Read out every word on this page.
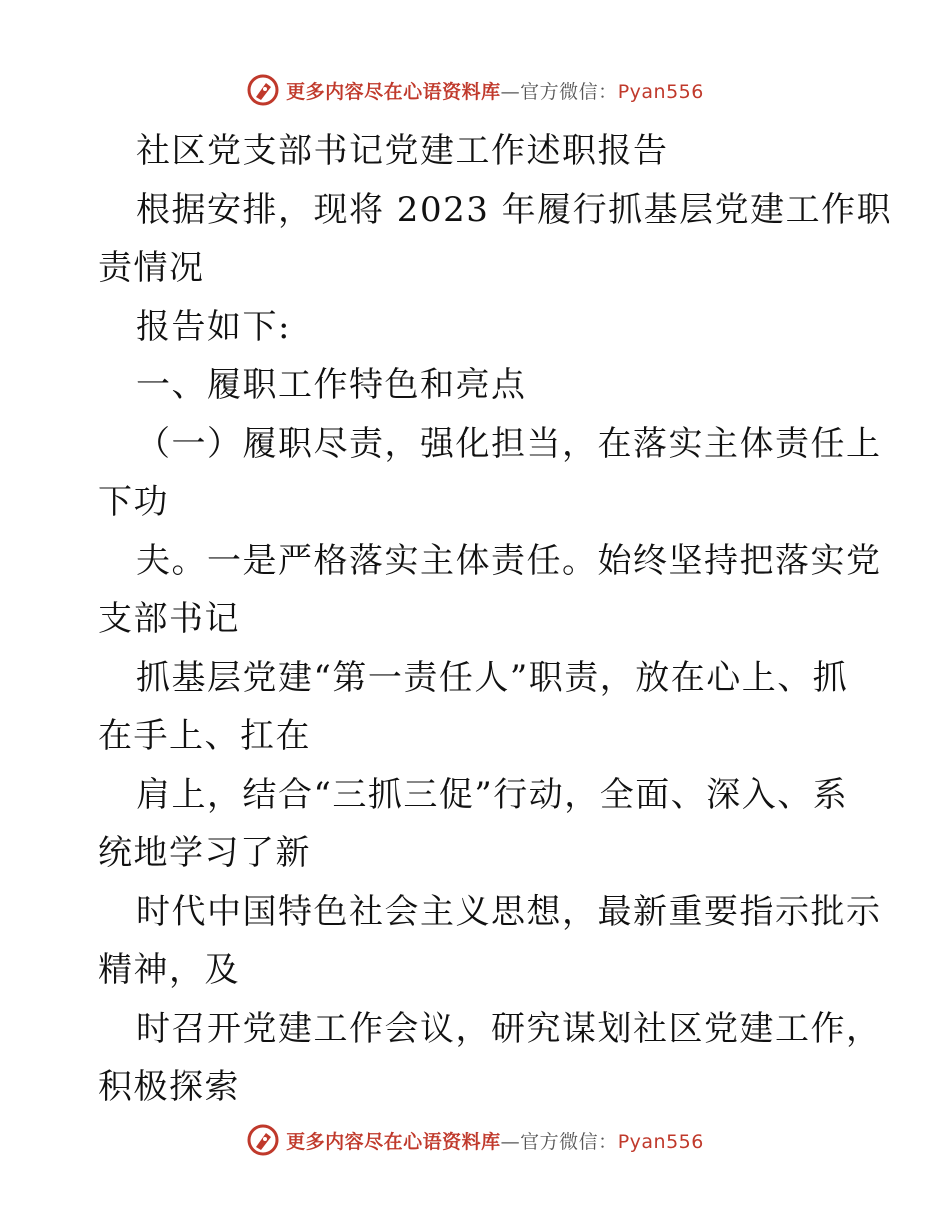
更多内容尽在心语资料库—官方微信：Pyan556
社区党支部书记党建工作述职报告
根据安排，现将 2023 年履行抓基层党建工作职
责情况
报告如下:
一、履职工作特色和亮点
（一）履职尽责，强化担当，在落实主体责任上
下功
夫。一是严格落实主体责任。始终坚持把落实党
支部书记
抓基层党建“第一责任人”职责，放在心上、抓
在手上、扛在
肩上，结合“三抓三促”行动，全面、深入、系
统地学习了新
时代中国特色社会主义思想，最新重要指示批示
精神，及
时召开党建工作会议，研究谋划社区党建工作，
积极探索
更多内容尽在心语资料库—官方微信：Pyan556
